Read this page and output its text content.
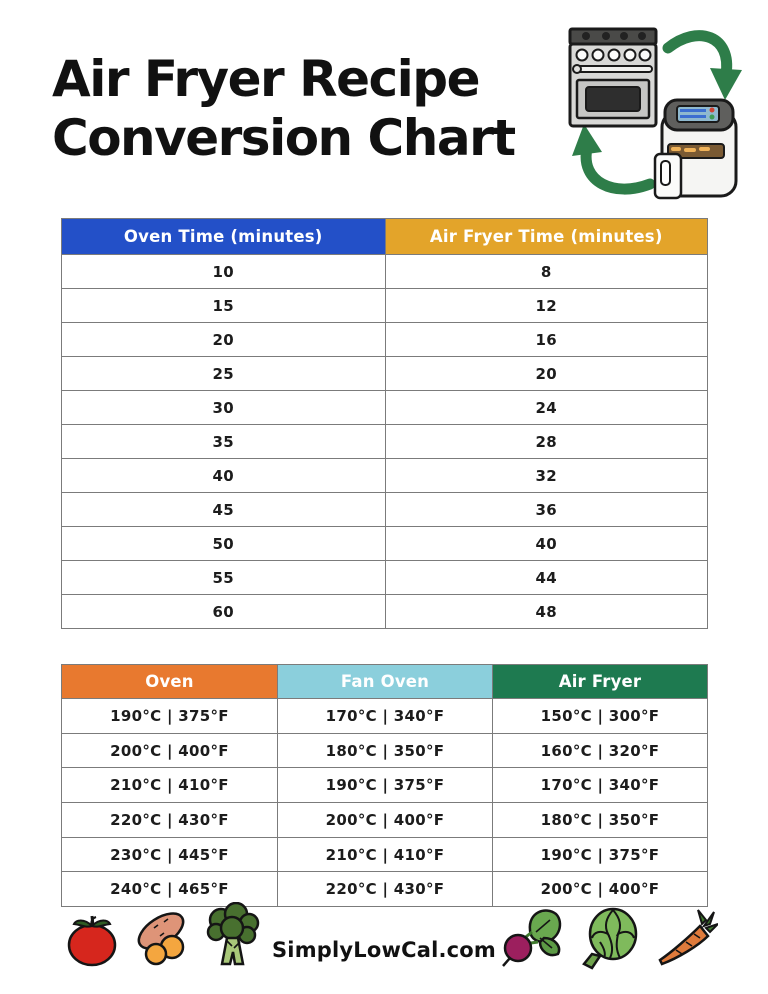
Air Fryer Recipe
Conversion Chart
Oven Time (minutes)	Air Fryer Time (minutes)
10	8
15	12
20	16
25	20
30	24
35	28
40	32
45	36
50	40
55	44
60	48
Oven	Fan Oven	Air Fryer
190°C | 375°F	170°C | 340°F	150°C | 300°F
200°C | 400°F	180°C | 350°F	160°C | 320°F
210°C | 410°F	190°C | 375°F	170°C | 340°F
220°C | 430°F	200°C | 400°F	180°C | 350°F
230°C | 445°F	210°C | 410°F	190°C | 375°F
240°C | 465°F	220°C | 430°F	200°C | 400°F
SimplyLowCal.com
